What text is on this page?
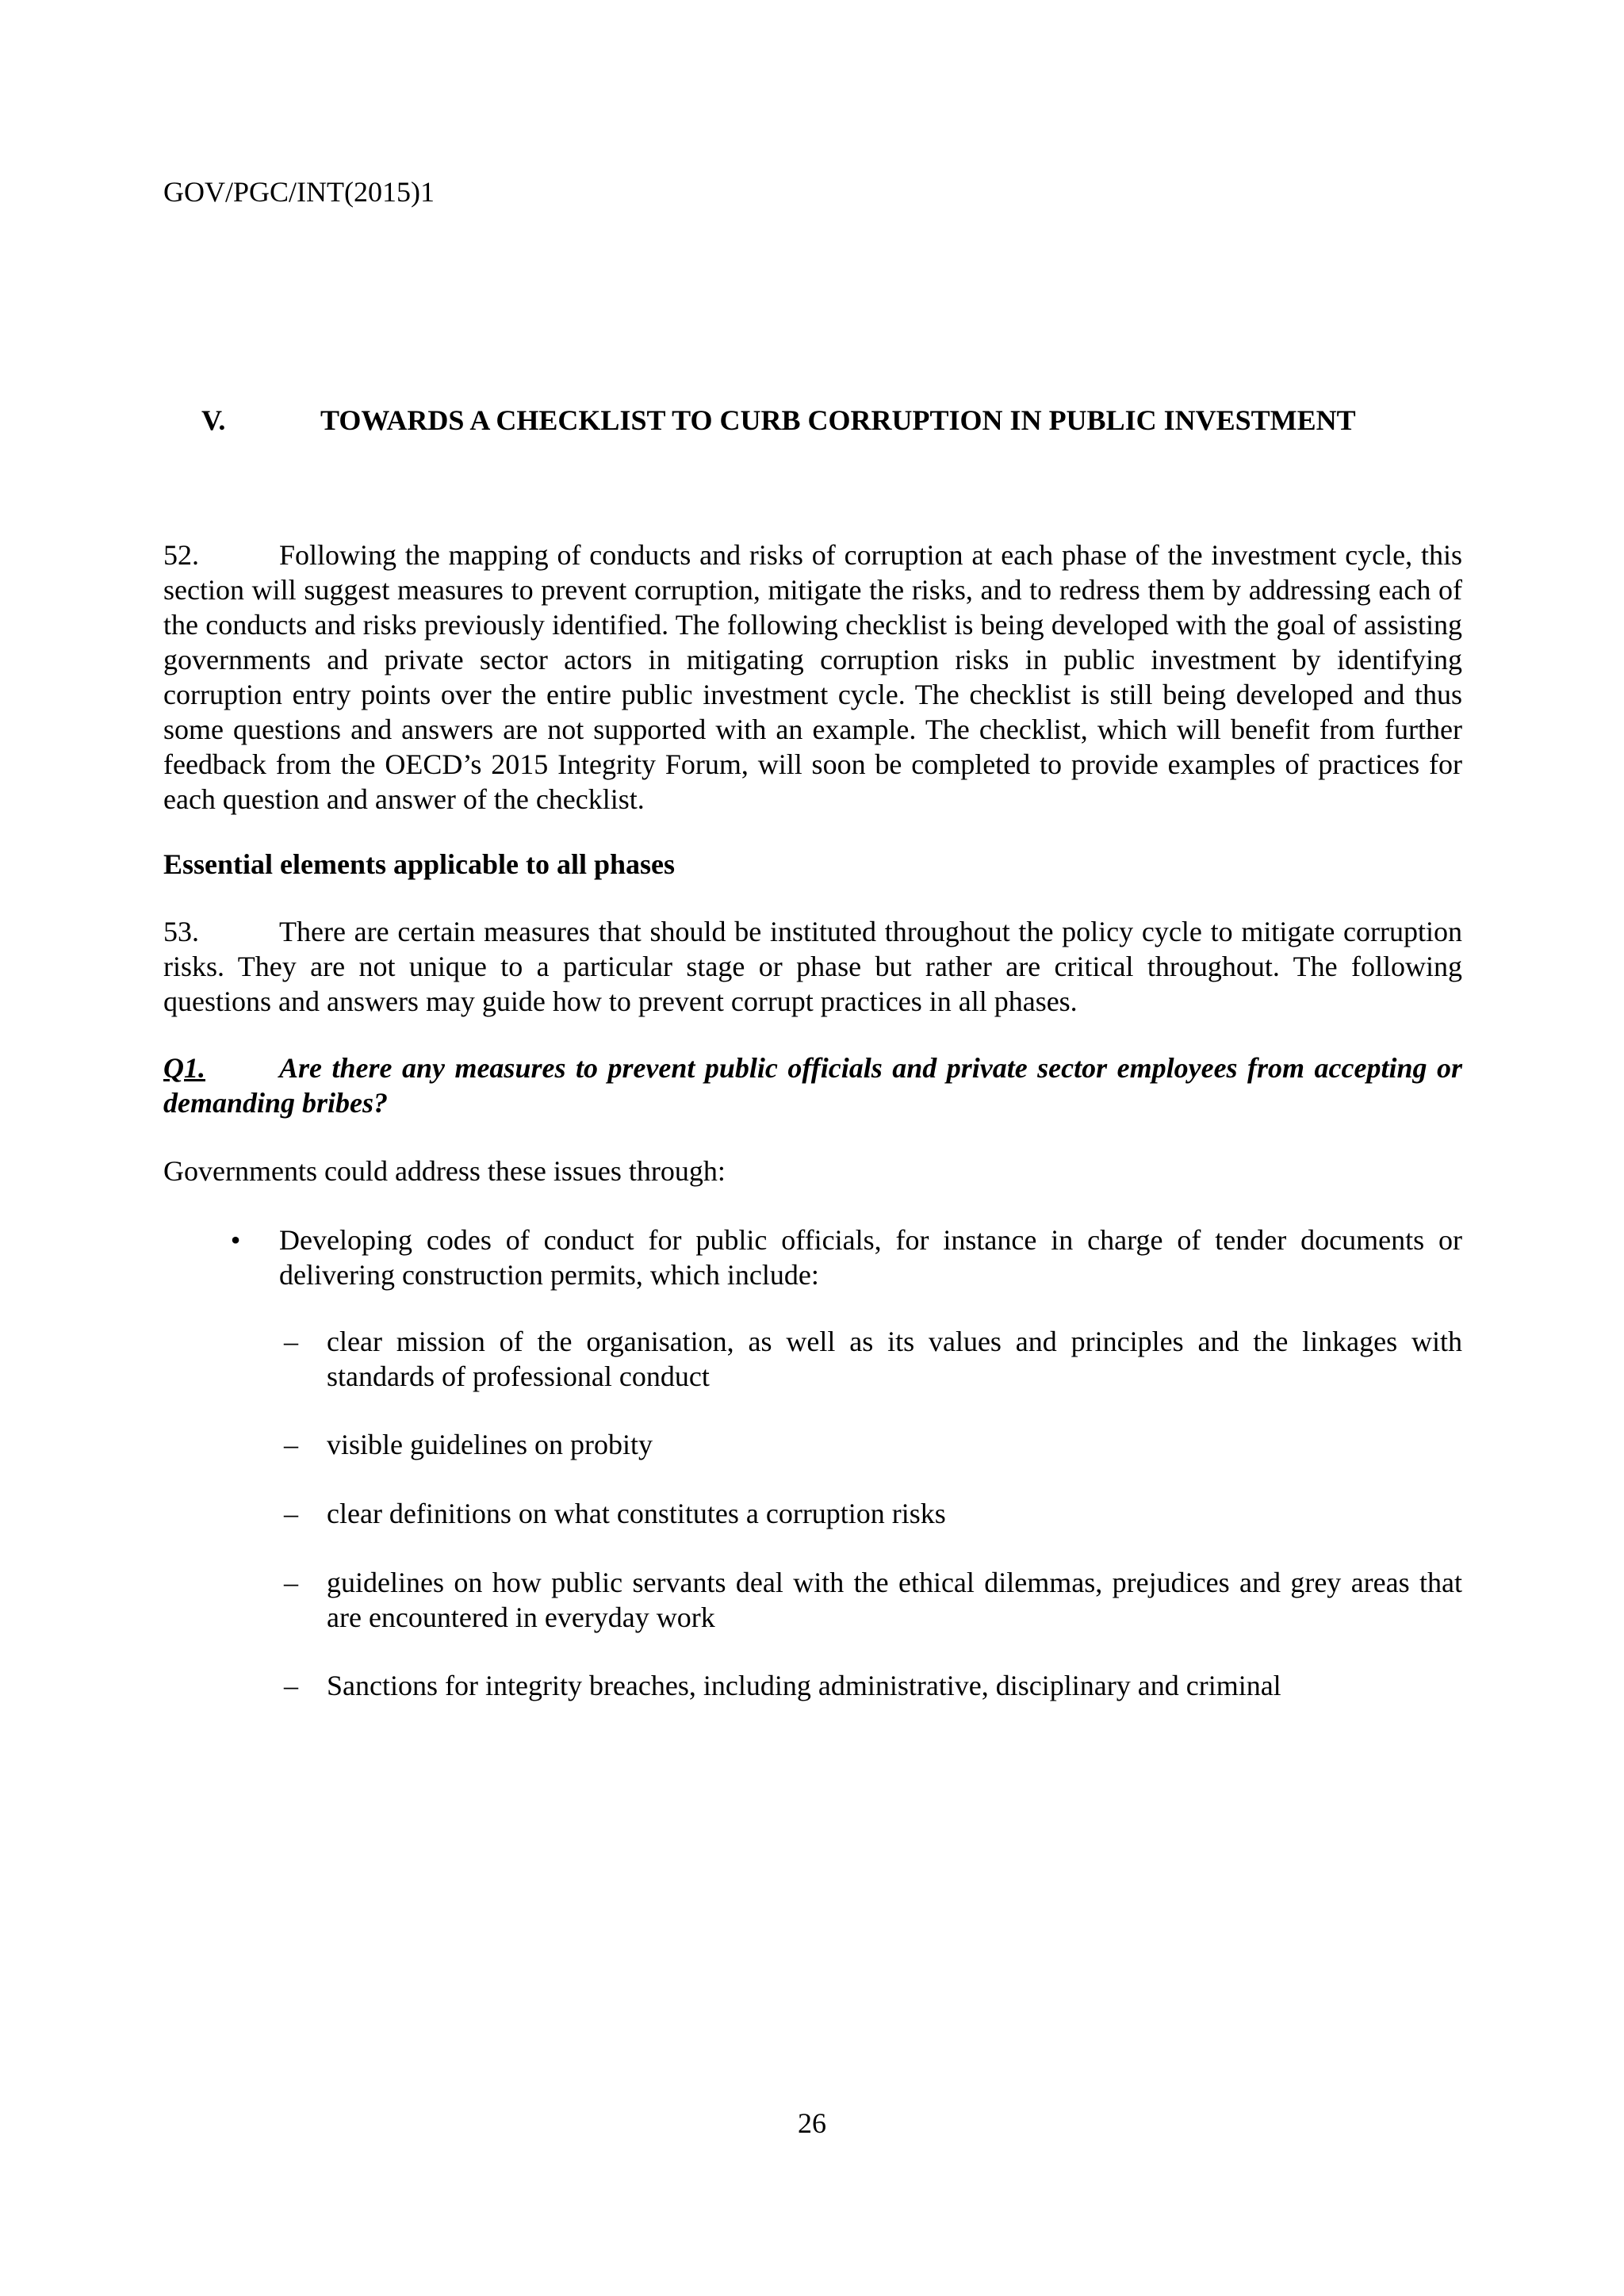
GOV/PGC/INT(2015)1

V.	TOWARDS A CHECKLIST TO CURB CORRUPTION IN PUBLIC INVESTMENT

52.	Following the mapping of conducts and risks of corruption at each phase of the investment cycle, this section will suggest measures to prevent corruption, mitigate the risks, and to redress them by addressing each of the conducts and risks previously identified. The following checklist is being developed with the goal of assisting governments and private sector actors in mitigating corruption risks in public investment by identifying corruption entry points over the entire public investment cycle. The checklist is still being developed and thus some questions and answers are not supported with an example. The checklist, which will benefit from further feedback from the OECD’s 2015 Integrity Forum, will soon be completed to provide examples of practices for each question and answer of the checklist.

Essential elements applicable to all phases

53.	There are certain measures that should be instituted throughout the policy cycle to mitigate corruption risks. They are not unique to a particular stage or phase but rather are critical throughout. The following questions and answers may guide how to prevent corrupt practices in all phases.

Q1.	Are there any measures to prevent public officials and private sector employees from accepting or demanding bribes?

Governments could address these issues through:

• Developing codes of conduct for public officials, for instance in charge of tender documents or delivering construction permits, which include:
– clear mission of the organisation, as well as its values and principles and the linkages with standards of professional conduct
– visible guidelines on probity
– clear definitions on what constitutes a corruption risks
– guidelines on how public servants deal with the ethical dilemmas, prejudices and grey areas that are encountered in everyday work
– Sanctions for integrity breaches, including administrative, disciplinary and criminal

26
